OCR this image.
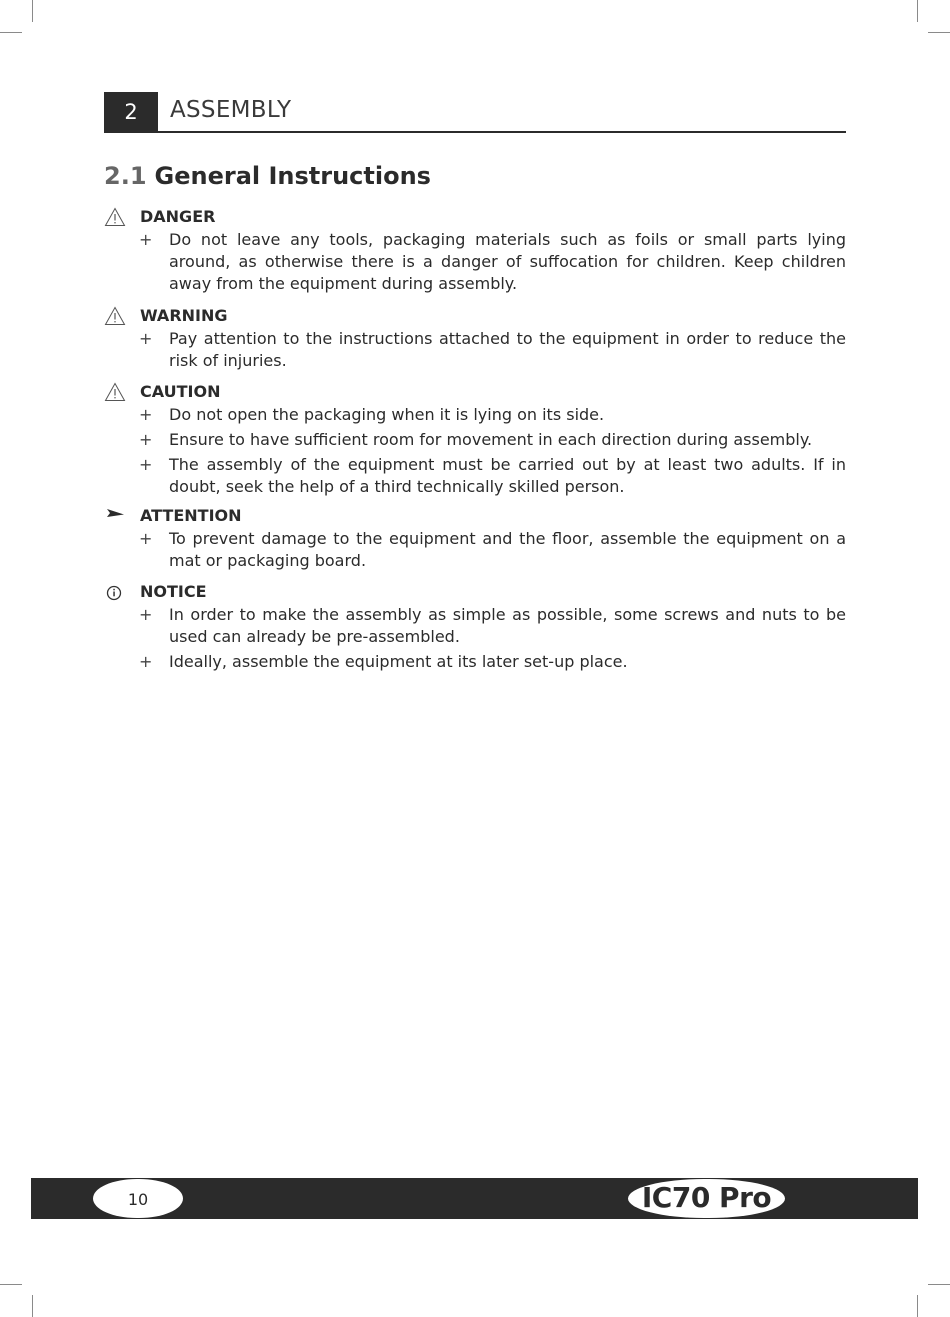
2	ASSEMBLY
2.1 General Instructions
DANGER
+ Do not leave any tools, packaging materials such as foils or small parts lying around, as otherwise there is a danger of suffocation for children. Keep children away from the equipment during assembly.
WARNING
+ Pay attention to the instructions attached to the equipment in order to reduce the risk of injuries.
CAUTION
+ Do not open the packaging when it is lying on its side.
+ Ensure to have sufficient room for movement in each direction during assembly.
+ The assembly of the equipment must be carried out by at least two adults. If in doubt, seek the help of a third technically skilled person.
ATTENTION
+ To prevent damage to the equipment and the floor, assemble the equipment on a mat or packaging board.
NOTICE
+ In order to make the assembly as simple as possible, some screws and nuts to be used can already be pre-assembled.
+ Ideally, assemble the equipment at its later set-up place.
10	IC70 Pro
